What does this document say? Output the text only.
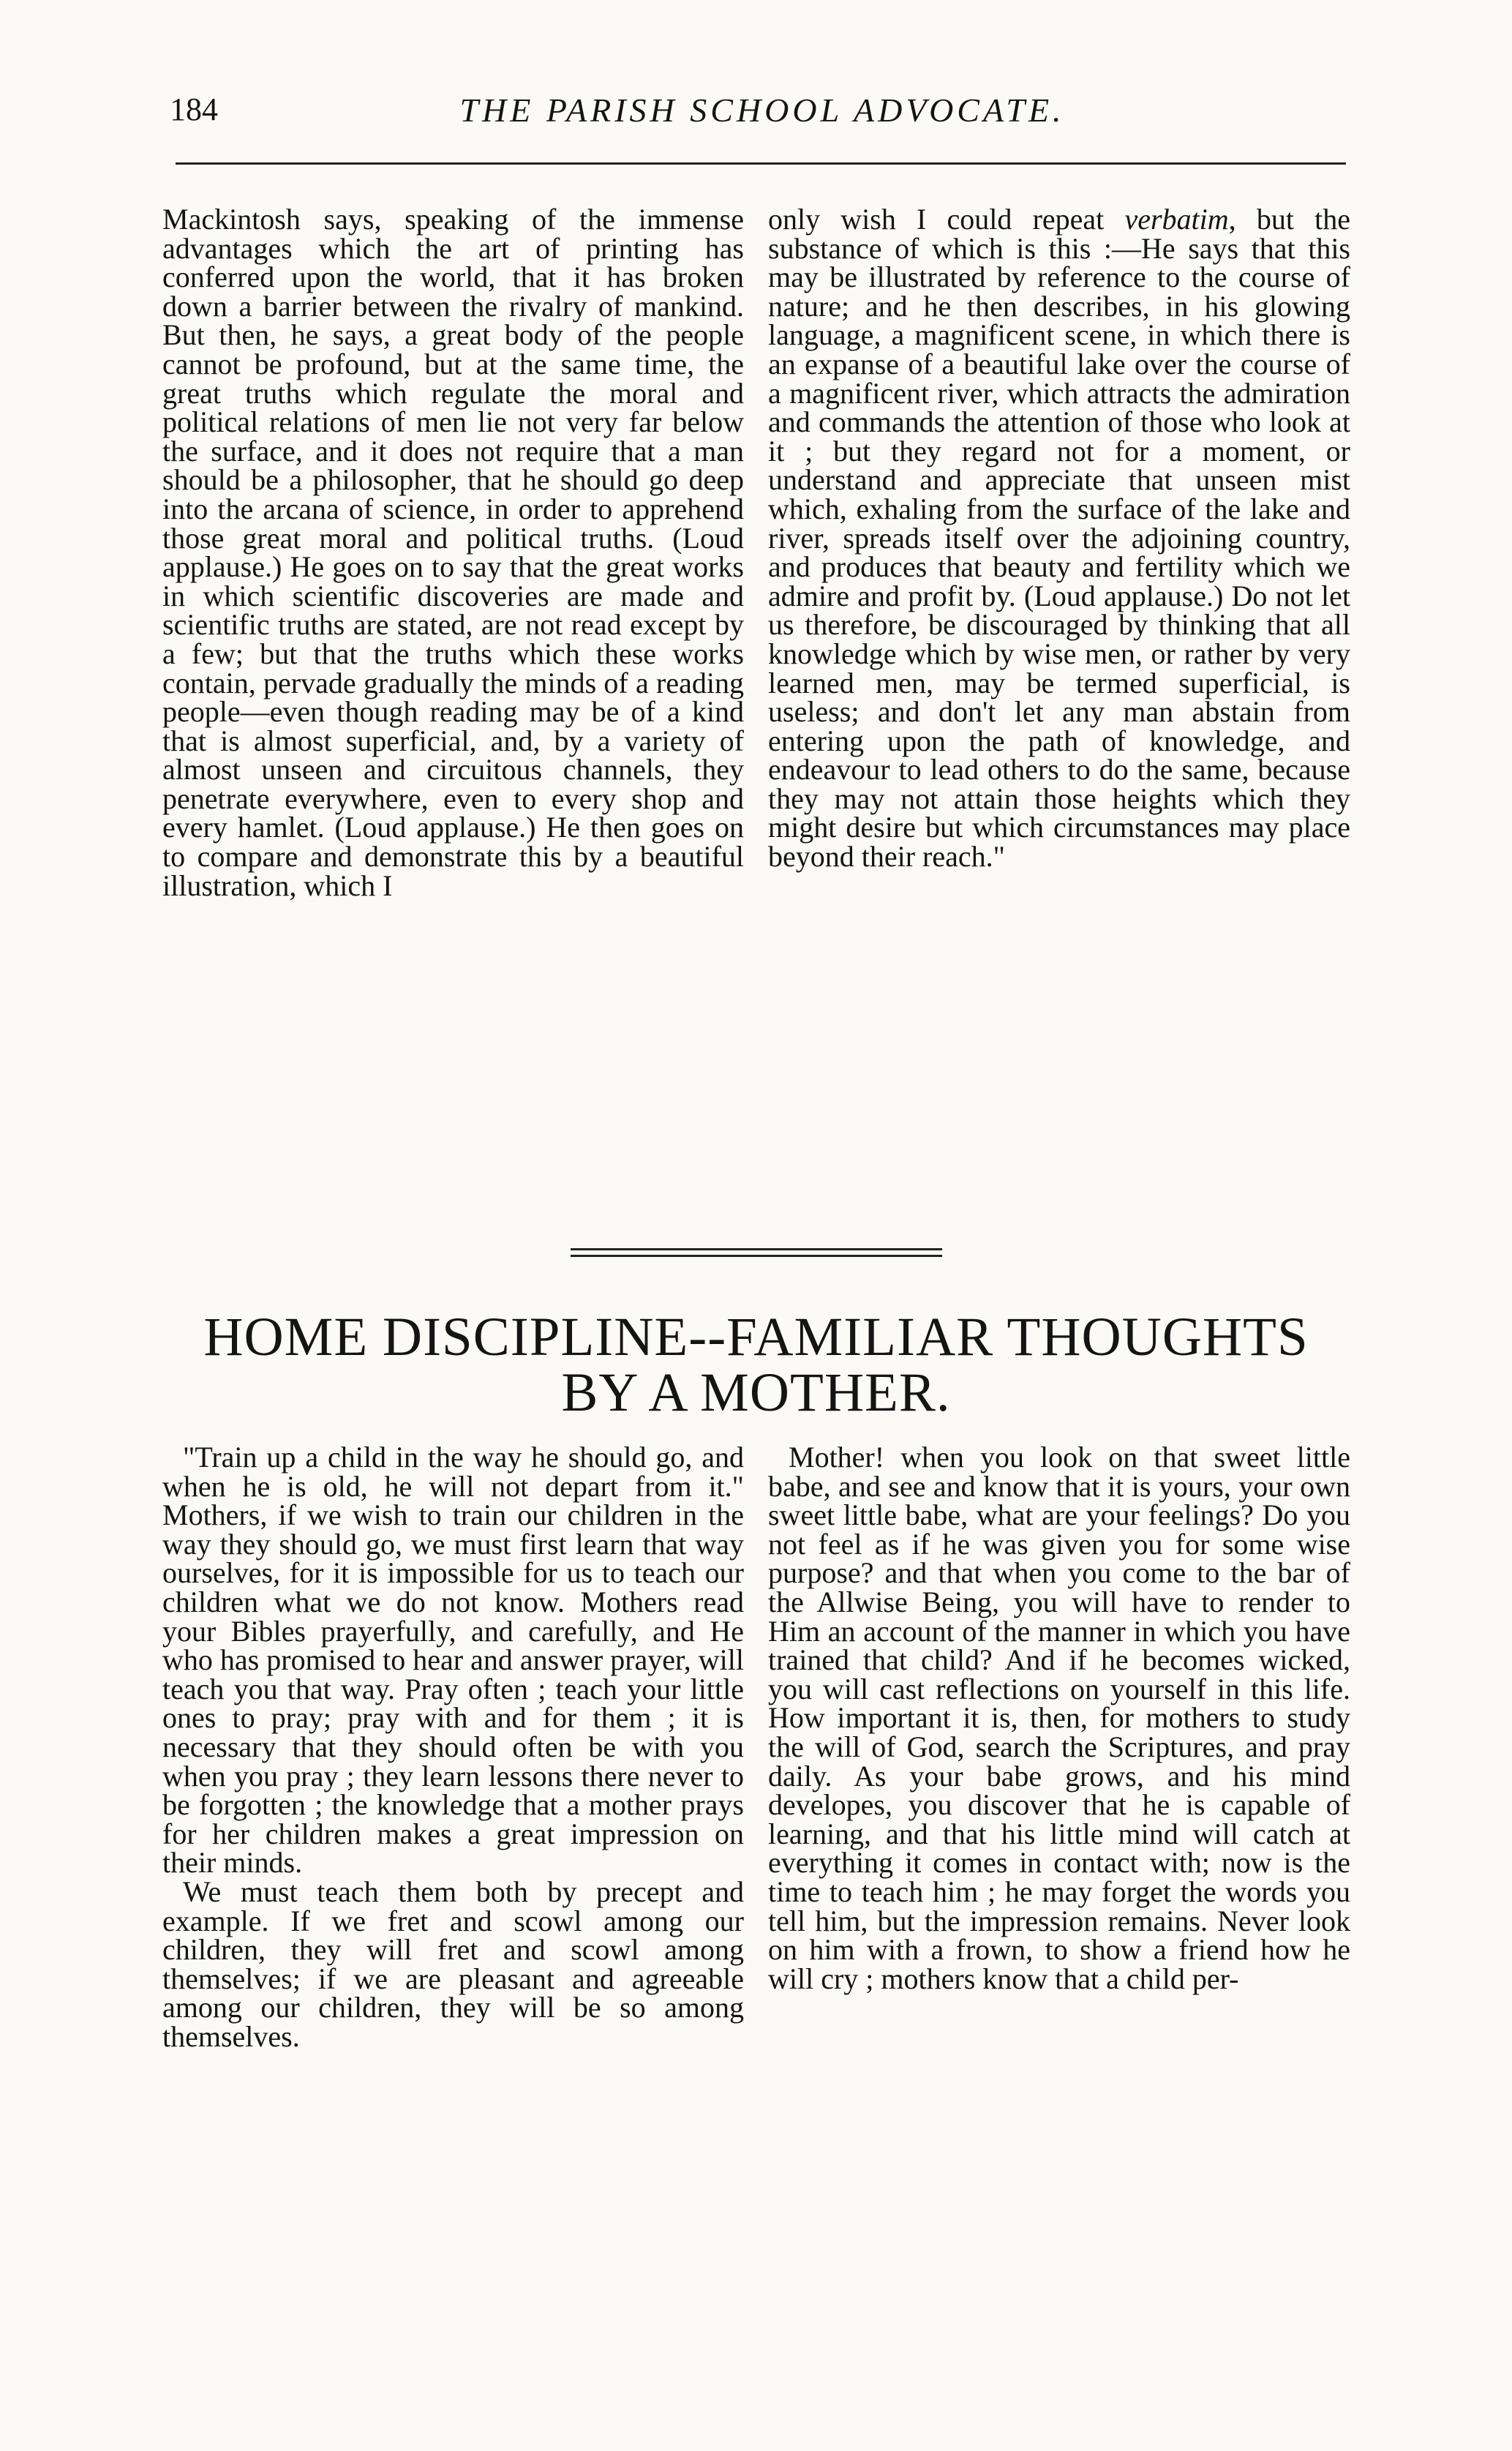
184	THE PARISH SCHOOL ADVOCATE.

Mackintosh says, speaking of the immense advantages which the art of printing has conferred upon the world, that it has broken down a barrier between the rivalry of mankind. But then, he says, a great body of the people cannot be profound, but at the same time, the great truths which regulate the moral and political relations of men lie not very far below the surface, and it does not require that a man should be a philosopher, that he should go deep into the arcana of science, in order to apprehend those great moral and political truths. (Loud applause.) He goes on to say that the great works in which scientific discoveries are made and scientific truths are stated, are not read except by a few; but that the truths which these works contain, pervade gradually the minds of a reading people—even though reading may be of a kind that is almost superficial, and, by a variety of almost unseen and circuitous channels, they penetrate everywhere, even to every shop and every hamlet. (Loud applause.) He then goes on to compare and demonstrate this by a beautiful illustration, which I

only wish I could repeat verbatim, but the substance of which is this :—He says that this may be illustrated by reference to the course of nature; and he then describes, in his glowing language, a magnificent scene, in which there is an expanse of a beautiful lake over the course of a magnificent river, which attracts the admiration and commands the attention of those who look at it ; but they regard not for a moment, or understand and appreciate that unseen mist which, exhaling from the surface of the lake and river, spreads itself over the adjoining country, and produces that beauty and fertility which we admire and profit by. (Loud applause.) Do not let us therefore, be discouraged by thinking that all knowledge which by wise men, or rather by very learned men, may be termed superficial, is useless; and don't let any man abstain from entering upon the path of knowledge, and endeavour to lead others to do the same, because they may not attain those heights which they might desire but which circumstances may place beyond their reach."

HOME DISCIPLINE--FAMILIAR THOUGHTS
BY A MOTHER.

"Train up a child in the way he should go, and when he is old, he will not depart from it." Mothers, if we wish to train our children in the way they should go, we must first learn that way ourselves, for it is impossible for us to teach our children what we do not know. Mothers read your Bibles prayerfully, and carefully, and He who has promised to hear and answer prayer, will teach you that way. Pray often ; teach your little ones to pray; pray with and for them ; it is necessary that they should often be with you when you pray ; they learn lessons there never to be forgotten ; the knowledge that a mother prays for her children makes a great impression on their minds.

We must teach them both by precept and example. If we fret and scowl among our children, they will fret and scowl among themselves; if we are pleasant and agreeable among our children, they will be so among themselves.

Mother! when you look on that sweet little babe, and see and know that it is yours, your own sweet little babe, what are your feelings? Do you not feel as if he was given you for some wise purpose? and that when you come to the bar of the Allwise Being, you will have to render to Him an account of the manner in which you have trained that child? And if he becomes wicked, you will cast reflections on yourself in this life. How important it is, then, for mothers to study the will of God, search the Scriptures, and pray daily. As your babe grows, and his mind developes, you discover that he is capable of learning, and that his little mind will catch at everything it comes in contact with; now is the time to teach him ; he may forget the words you tell him, but the impression remains. Never look on him with a frown, to show a friend how he will cry ; mothers know that a child per-
